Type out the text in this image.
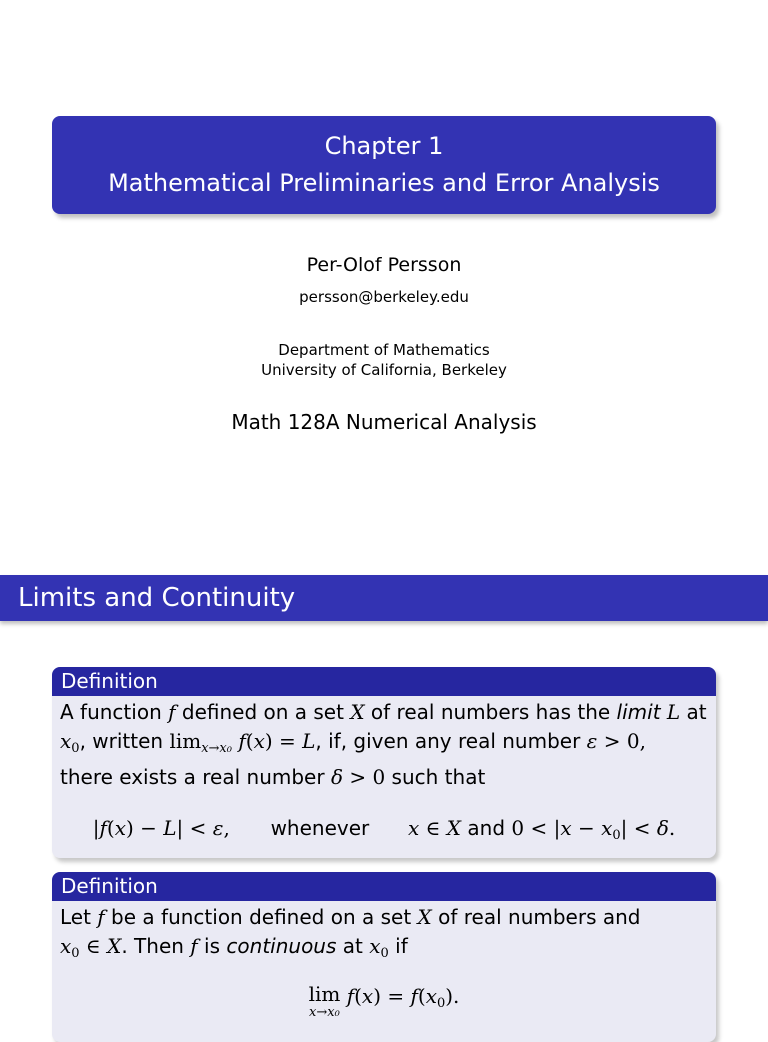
Chapter 1
Mathematical Preliminaries and Error Analysis
Per-Olof Persson
persson@berkeley.edu
Department of Mathematics
University of California, Berkeley
Math 128A Numerical Analysis
Limits and Continuity
Definition
A function f defined on a set X of real numbers has the limit L at
$x_0$, written $\lim_{x\to x_0} f(x) = L$, if, given any real number ε > 0,
there exists a real number δ > 0 such that
|f(x) − L| < ε, whenever x ∈ X and $0 < |x - x_0| < \delta$.
Definition
Let f be a function defined on a set X of real numbers and
$x_0$ ∈ X. Then f is continuous at $x_0$ if
lim
x→x₀
$f(x) = f(x_0)$.
